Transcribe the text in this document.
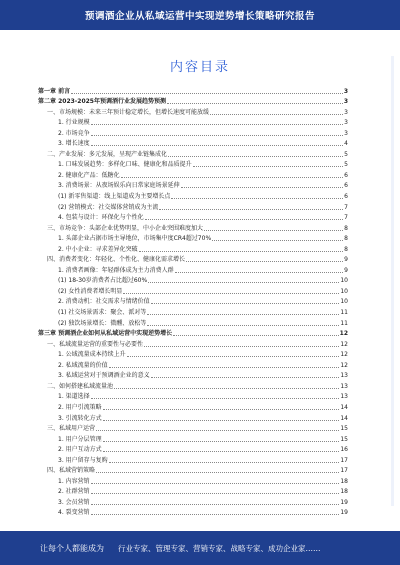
预调酒企业从私域运营中实现逆势增长策略研究报告
内容目录
第一章 前言	3
第二章 2023-2025年预调酒行业发展趋势预测	3
一、市场规模：未来三年预计稳定增长，但增长速度可能放缓	3
1. 行业规模	3
2. 市场竞争	3
3. 增长速度	4
二、产业发展：多元发展，呈现产业链集成化	5
1. 口味发展趋势：多样化口味、健康化和品质提升	5
2. 健康化产品：低糖化	6
3. 消费场景：从夜场娱乐向日常家庭场景延伸	6
(1) 新零售渠道：线上渠道成为主要增长点	6
(2) 营销模式：社交媒体营销成为主流	7
4. 包装与设计：环保化与个性化	7
三、市场竞争：头部企业优势明显，中小企业突围难度加大	8
1. 头部企业占据市场主导地位，市场集中度CR4超过70%	8
2. 中小企业：寻求差异化突破	8
四、消费者变化：年轻化、个性化、健康化需求增长	9
1. 消费者画像：年轻群体成为主力消费人群	9
(1) 18-30岁消费者占比超过60%	10
(2) 女性消费者增长明显	10
2. 消费动机：社交需求与情绪价值	10
(1) 社交场景需求：聚会、派对等	11
(2) 独饮场景增长：微醺、放松等	11
第三章 预调酒企业如何从私域运营中实现逆势增长	12
一、私域流量运营的重要性与必要性	12
1. 公域流量成本持续上升	12
2. 私域流量的价值	12
3. 私域运营对于预调酒企业的意义	13
二、如何搭建私域流量池	13
1. 渠道选择	13
2. 用户引流策略	14
3. 引流转化方式	14
三、私域用户运营	15
1. 用户分层管理	15
2. 用户互动方式	16
3. 用户留存与复购	17
四、私域营销策略	17
1. 内容营销	18
2. 社群营销	18
3. 会员营销	19
4. 裂变营销	19
让每个人都能成为 行业专家、管理专家、营销专家、战略专家、成功企业家……
